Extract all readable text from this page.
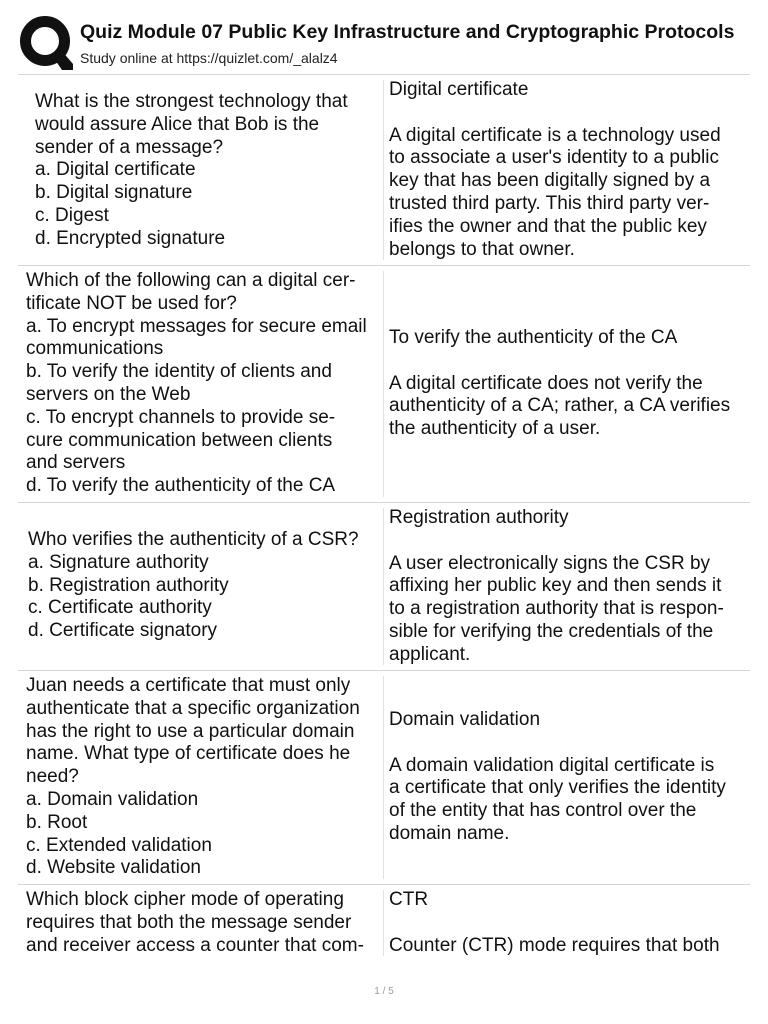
Quiz Module 07 Public Key Infrastructure and Cryptographic Protocols
Study online at https://quizlet.com/_alalz4
What is the strongest technology that
would assure Alice that Bob is the
sender of a message?
a. Digital certificate
b. Digital signature
c. Digest
d. Encrypted signature
Digital certificate
A digital certificate is a technology used
to associate a user's identity to a public
key that has been digitally signed by a
trusted third party. This third party ver-
ifies the owner and that the public key
belongs to that owner.
Which of the following can a digital cer-
tificate NOT be used for?
a. To encrypt messages for secure email
communications
b. To verify the identity of clients and
servers on the Web
c. To encrypt channels to provide se-
cure communication between clients
and servers
d. To verify the authenticity of the CA
To verify the authenticity of the CA
A digital certificate does not verify the
authenticity of a CA; rather, a CA verifies
the authenticity of a user.
Who verifies the authenticity of a CSR?
a. Signature authority
b. Registration authority
c. Certificate authority
d. Certificate signatory
Registration authority
A user electronically signs the CSR by
affixing her public key and then sends it
to a registration authority that is respon-
sible for verifying the credentials of the
applicant.
Juan needs a certificate that must only
authenticate that a specific organization
has the right to use a particular domain
name. What type of certificate does he
need?
a. Domain validation
b. Root
c. Extended validation
d. Website validation
Domain validation
A domain validation digital certificate is
a certificate that only verifies the identity
of the entity that has control over the
domain name.
Which block cipher mode of operating
requires that both the message sender
and receiver access a counter that com-
CTR
Counter (CTR) mode requires that both
1 / 5
